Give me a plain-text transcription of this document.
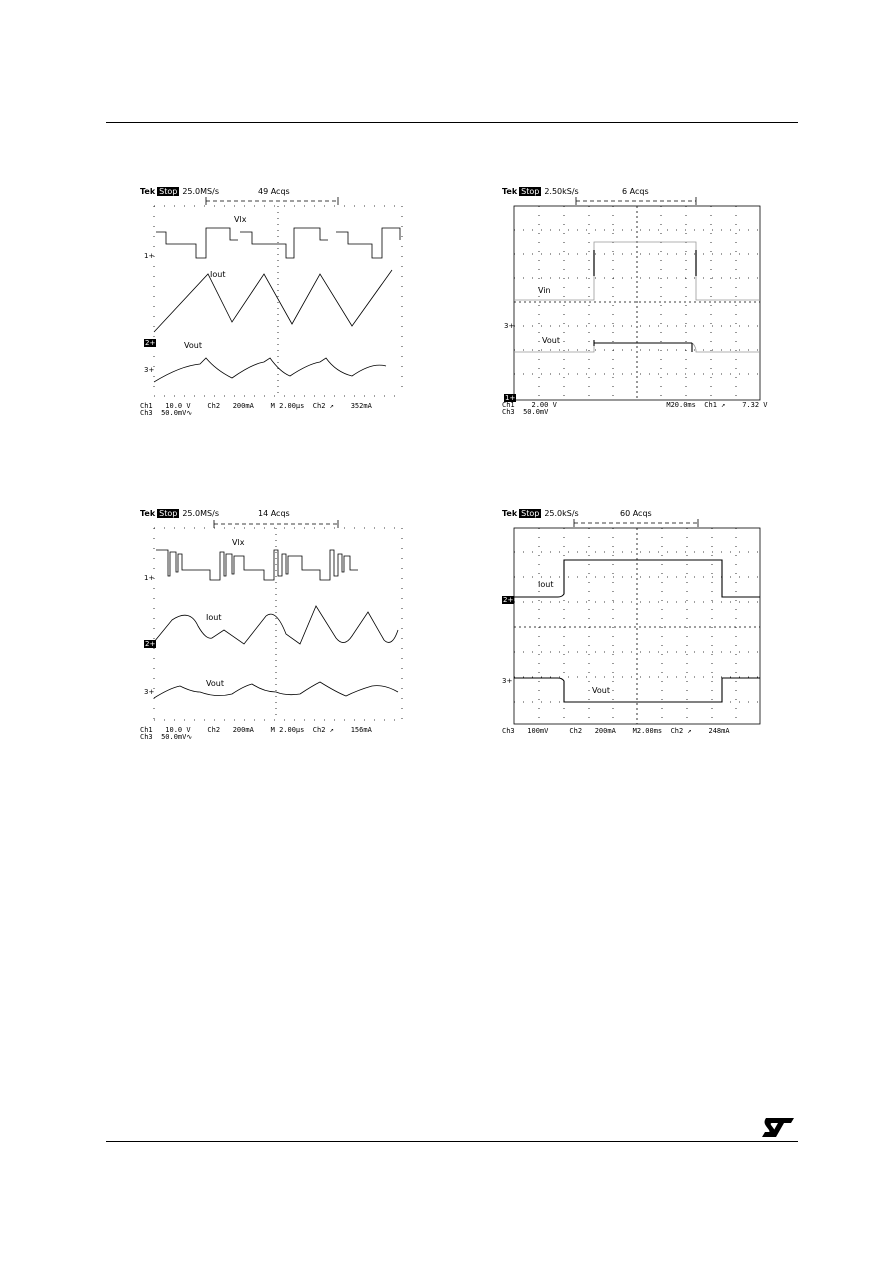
Tek Stop 25.0MS/s	49 Acqs
Vlx
Iout
Vout
1+
2+
3+
Ch1   10.0 V    Ch2   200mA    M 2.00µs  Ch2 ↗    352mA
Ch3  50.0mV∿
Tek Stop 2.50kS/s	6 Acqs
Vin
Vout
3+
1+
Ch1    2.00 V                          M20.0ms  Ch1 ↗    7.32 V
Ch3  50.0mV
Tek Stop 25.0MS/s	14 Acqs
Vlx
Iout
Vout
1+
2+
3+
Ch1   10.0 V    Ch2   200mA    M 2.00µs  Ch2 ↗    156mA
Ch3  50.0mV∿
Tek Stop 25.0kS/s	60 Acqs
Iout
Vout
2+
3+
Ch3   100mV     Ch2   200mA    M2.00ms  Ch2 ↗    248mA
